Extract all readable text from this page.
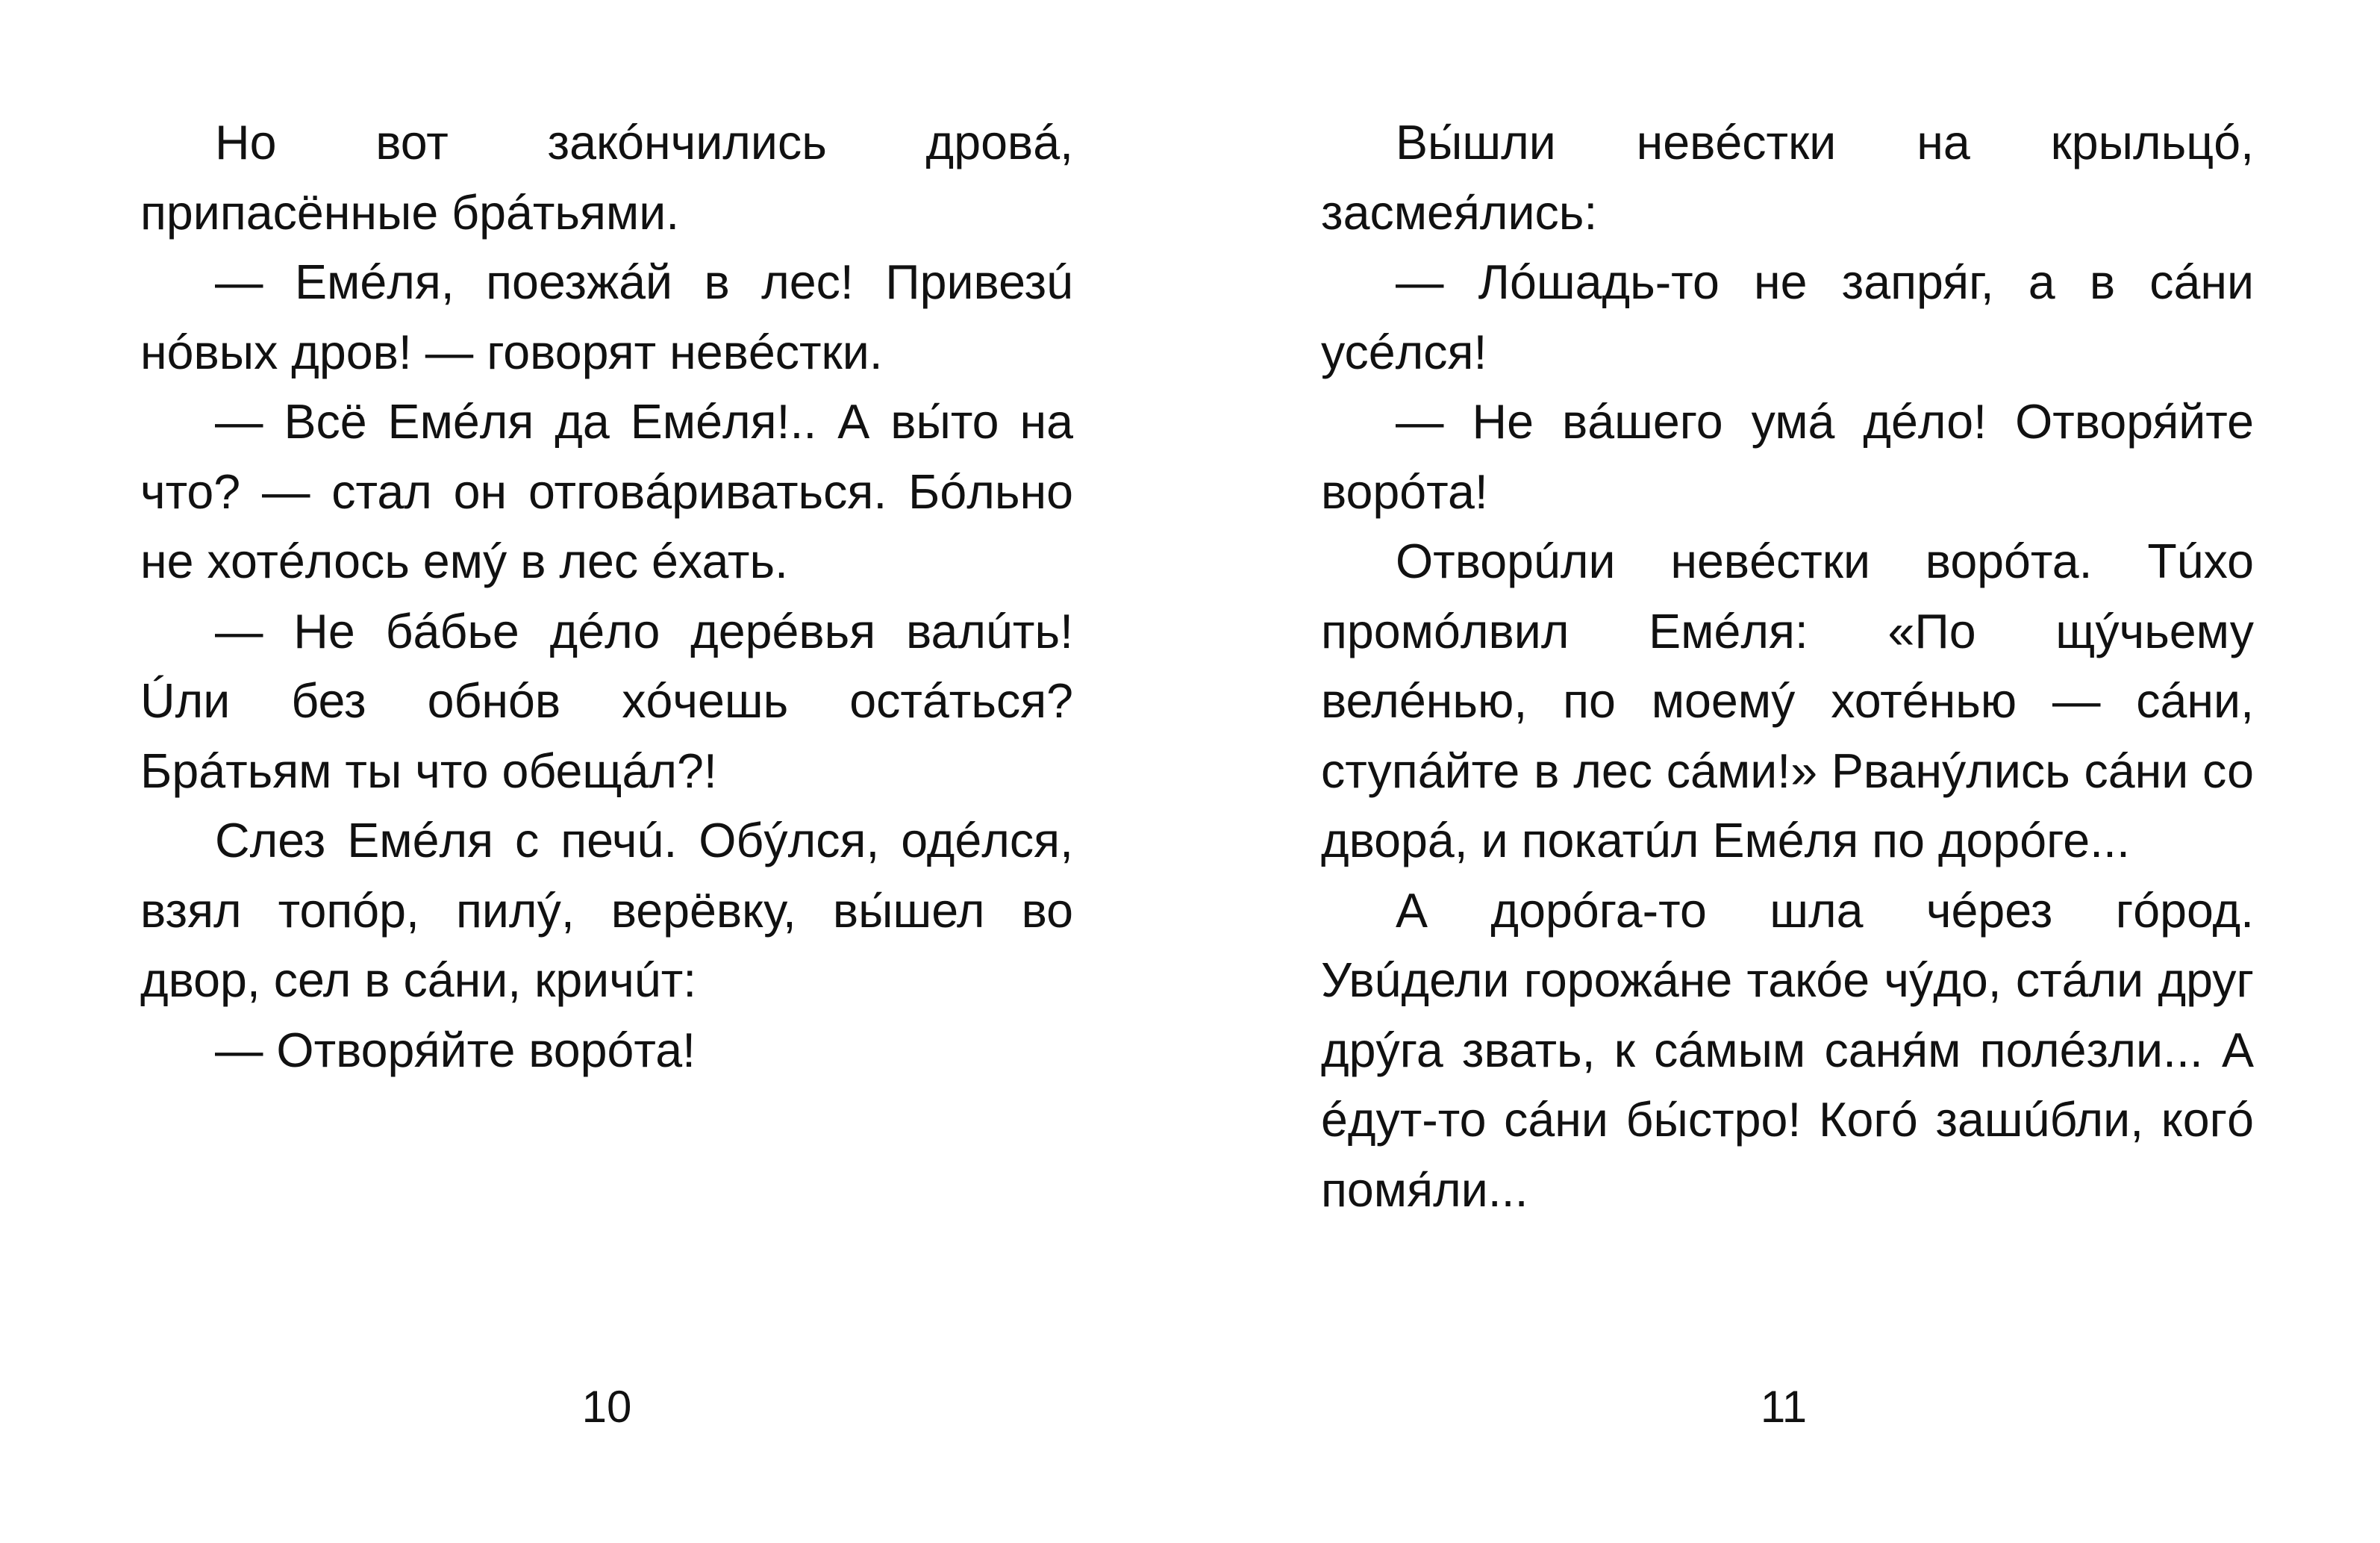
Но вот закóнчились дровá, припасённые брáтьями.

— Емéля, поезжáй в лес! Привезú нóвых дров! — говорят невéстки.

— Всё Емéля да Емéля!.. А вы́то на что? — стал он отговáриваться. Бóльно не хотéлось емý в лес éхать.

— Не бáбье дéло дерéвья валúть! Úли без обнóв хóчешь остáться? Брáтьям ты что обещáл?!

Слез Емéля с печú. Обýлся, одéлся, взял топóр, пилý, верёвку, вы́шел во двор, сел в сáни, кричúт:

— Отворя́йте ворóта!

10

Вы́шли невéстки на крыльцó, засмея́лись:

— Лóшадь-то не запря́г, а в сáни усéлся!

— Не вáшего умá дéло! Отворя́йте ворóта!

Отворúли невéстки ворóта. Тúхо промóлвил Емéля: «По щýчьему велéнью, по моемý хотéнью — сáни, ступáйте в лес сáми!» Рванýлись сáни со дворá, и покатúл Емéля по дорóге...

А дорóга-то шла чéрез гóрод. Увúдели горожáне такóе чýдо, стáли друг дрýга звать, к сáмым саня́м полéзли... А éдут-то сáни бы́стро! Когó зашúбли, когó помя́ли...

11
